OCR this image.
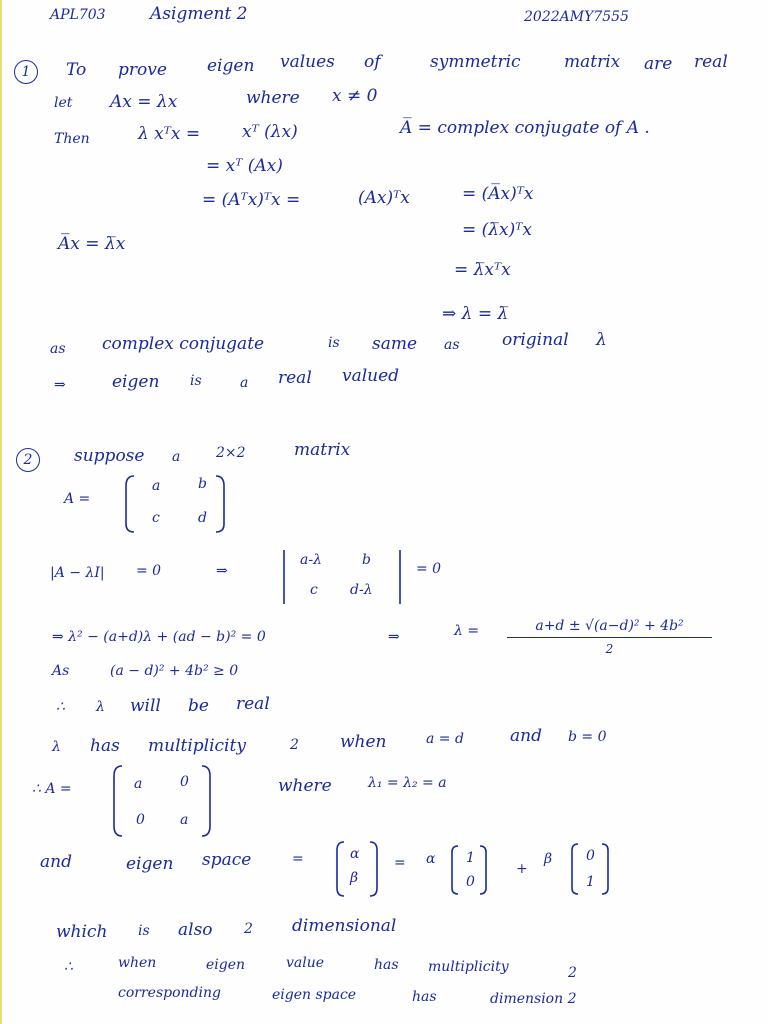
APL703	Asigment 2	2022AMY7555
1	To prove eigen values of	symmetric	matrix are real
let Ax = λx	where x ≠ 0
Then	λ xᵀx = xᵀ (λx)	A̅ = complex conjugate of A .
= xᵀ (Ax)
= (Aᵀx)ᵀx =	(Ax)ᵀx	= (A̅x)ᵀx
A̅x = λ̅x
= (λ̅x)ᵀx
= λ̅xᵀx
⇒ λ = λ̅
as complex conjugate	is same as original λ
⇒	eigen is	a real valued
2	suppose a	2×2	matrix
A =
a	b
c	d
|A − λI| = 0	⇒
a-λ	b
c d-λ
= 0
⇒ λ² − (a+d)λ + (ad − b)² = 0	⇒	$\lambda = \frac{\text{a+d ± √(a−d)² + 4b²}}{2}$
As	(a − d)² + 4b² ≥ 0
∴ λ will be real
λ has multiplicity	2 when	a = d	and b = 0
∴ A =	a	0
0	a
where	λ₁ = λ₂ = a
and	eigen space	=	α
β
= α 1
0
+
β 0
1
which is also 2 dimensional
∴	when	eigen	value	has multiplicity	2
corresponding	eigen space	has	dimension 2
